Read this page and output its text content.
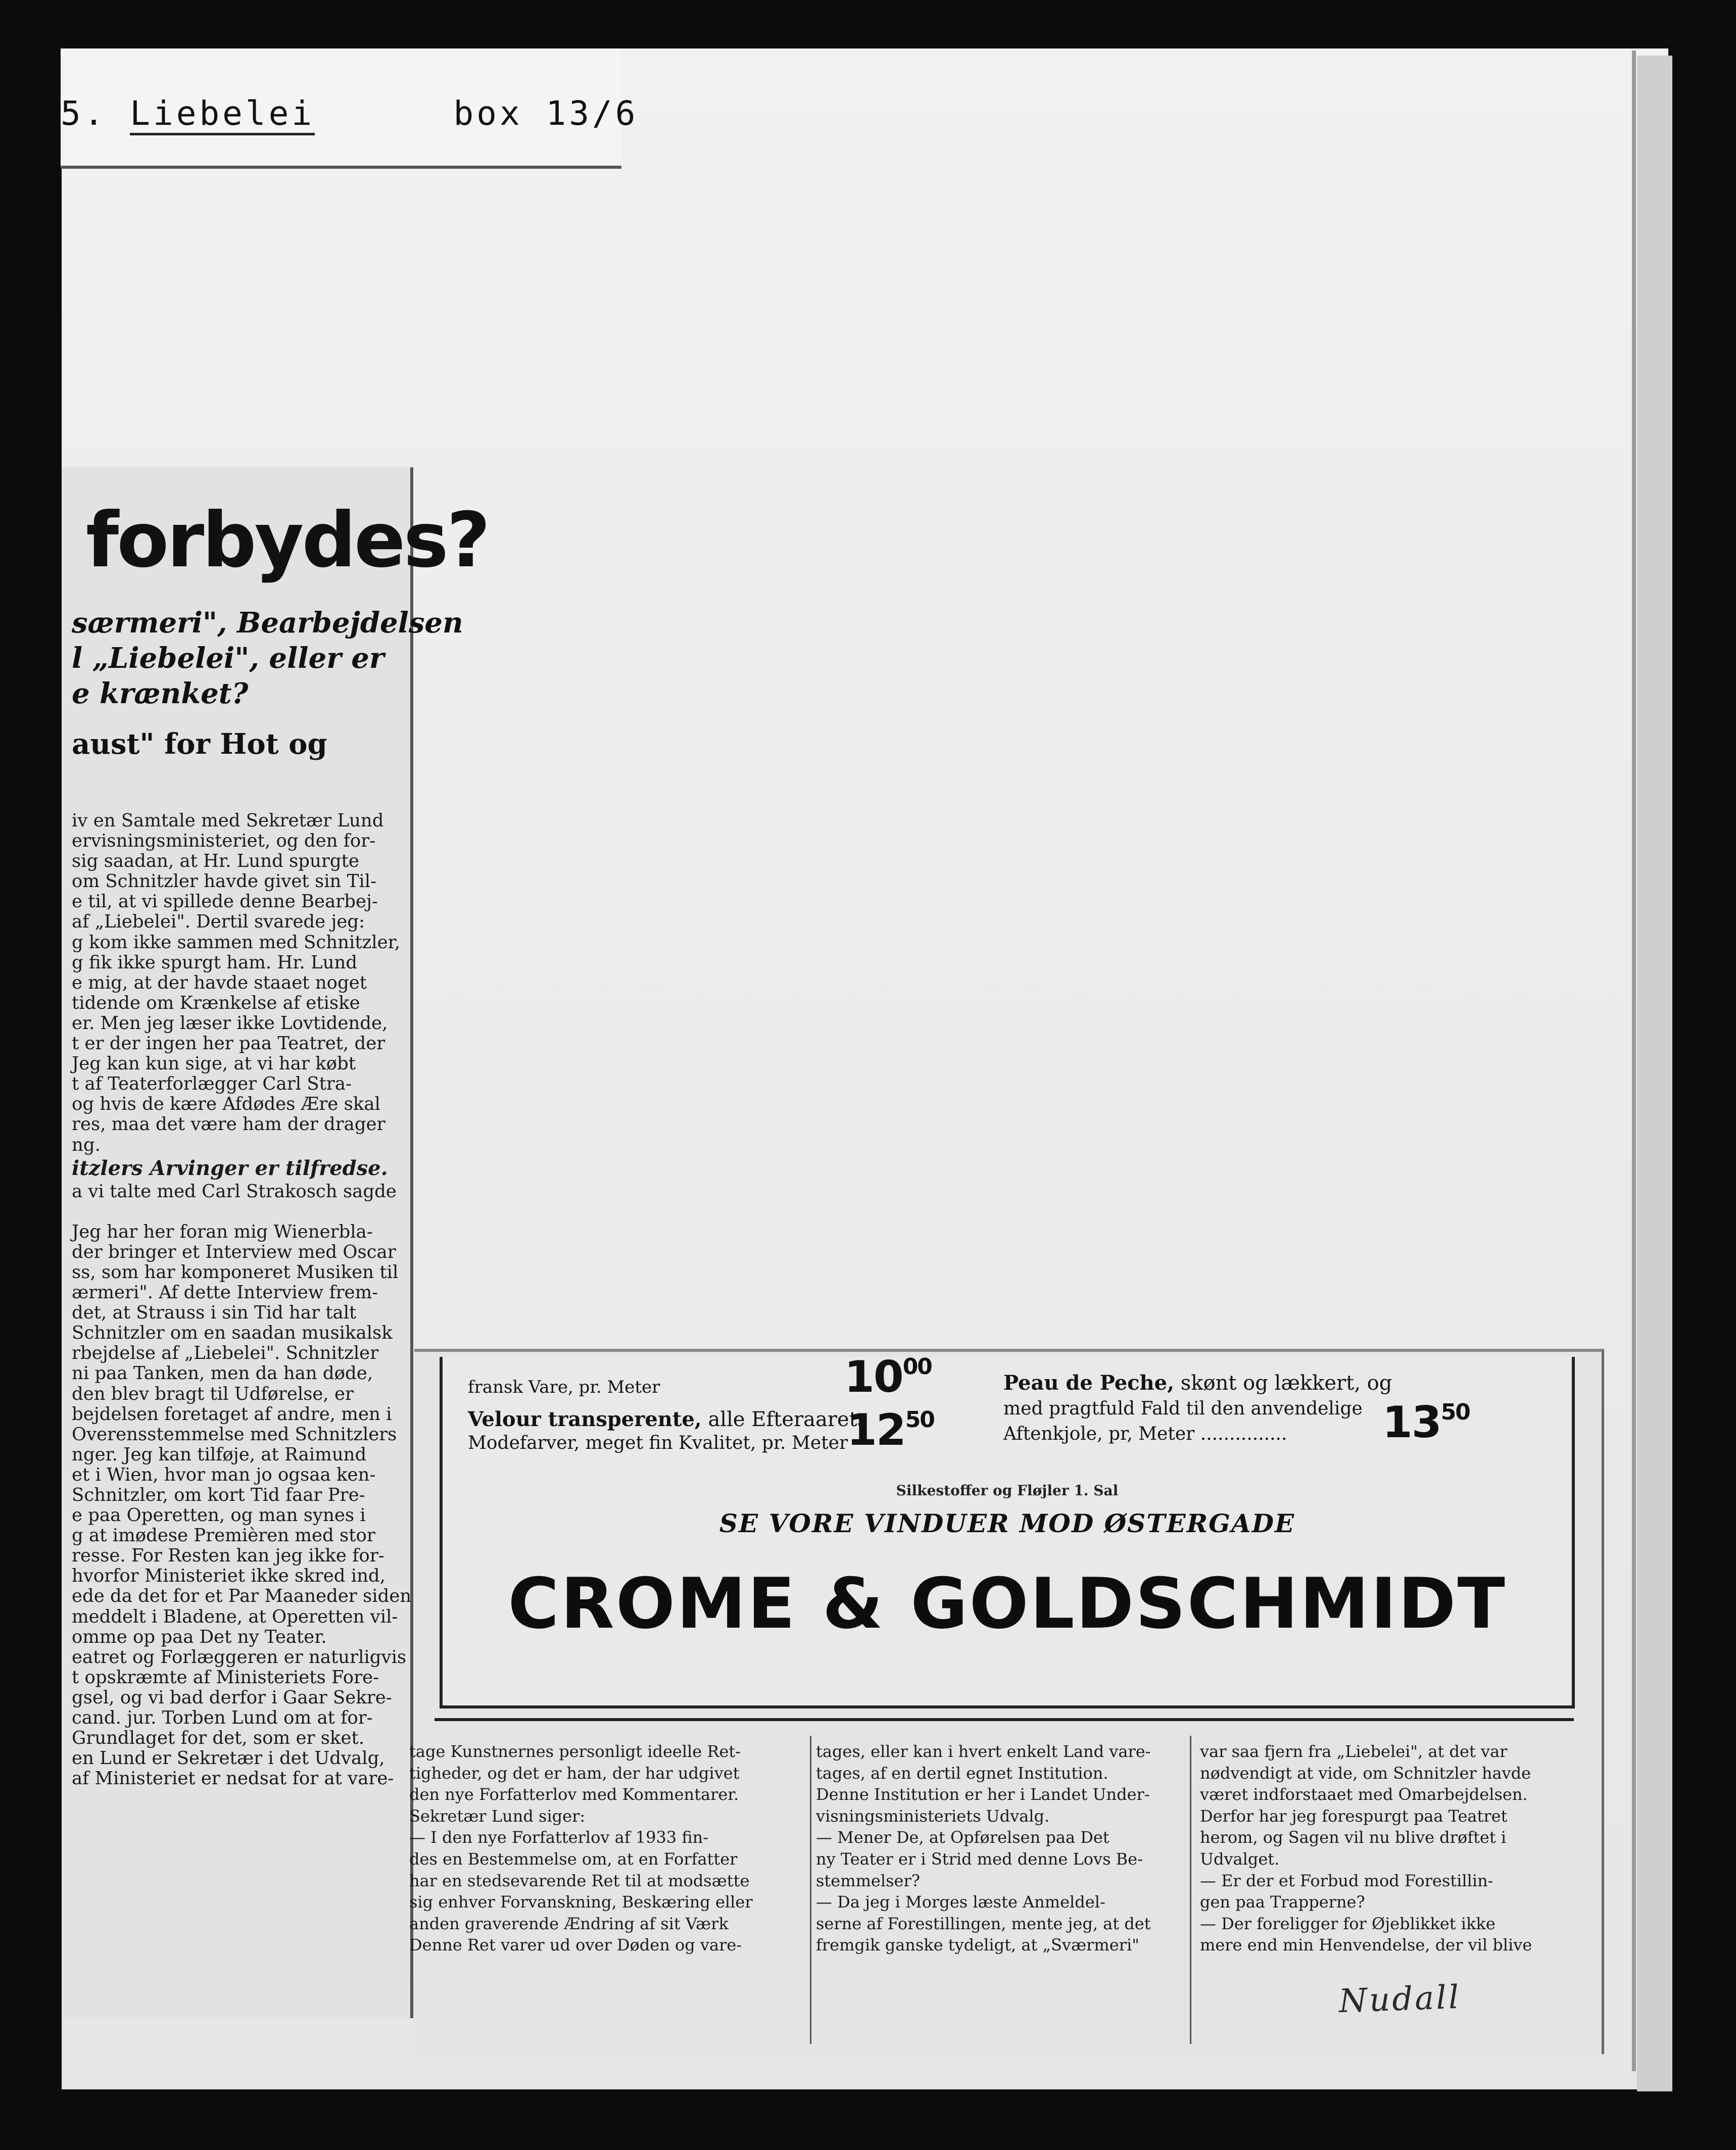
5. Liebelei	box 13/6
forbydes?
særmeri", Bearbejdelsen
l „Liebelei", eller er
e krænket?
aust" for Hot og
iv en Samtale med Sekretær Lund
ervisningsministeriet, og den for-
sig saadan, at Hr. Lund spurgte
om Schnitzler havde givet sin Til-
e til, at vi spillede denne Bearbej-
af „Liebelei". Dertil svarede jeg:
g kom ikke sammen med Schnitzler,
g fik ikke spurgt ham. Hr. Lund
e mig, at der havde staaet noget
tidende om Krænkelse af etiske
er. Men jeg læser ikke Lovtidende,
t er der ingen her paa Teatret, der
Jeg kan kun sige, at vi har købt
t af Teaterforlægger Carl Stra-
og hvis de kære Afdødes Ære skal
res, maa det være ham der drager
ng.
itzlers Arvinger er tilfredse.
a vi talte med Carl Strakosch sagde

Jeg har her foran mig Wienerbla-
der bringer et Interview med Oscar
ss, som har komponeret Musiken til
ærmeri". Af dette Interview frem-
det, at Strauss i sin Tid har talt
Schnitzler om en saadan musikalsk
rbejdelse af „Liebelei". Schnitzler
ni paa Tanken, men da han døde,
den blev bragt til Udførelse, er
bejdelsen foretaget af andre, men i
Overensstemmelse med Schnitzlers
nger. Jeg kan tilføje, at Raimund
et i Wien, hvor man jo ogsaa ken-
Schnitzler, om kort Tid faar Pre-
e paa Operetten, og man synes i
g at imødese Premièren med stor
resse. For Resten kan jeg ikke for-
hvorfor Ministeriet ikke skred ind,
ede da det for et Par Maaneder siden
meddelt i Bladene, at Operetten vil-
omme op paa Det ny Teater.
eatret og Forlæggeren er naturligvis
t opskræmte af Ministeriets Fore-
gsel, og vi bad derfor i Gaar Sekre-
cand. jur. Torben Lund om at for-
Grundlaget for det, som er sket.
en Lund er Sekretær i det Udvalg,
af Ministeriet er nedsat for at vare-
fransk Vare, pr. Meter	$10^{00}$
Velour transperente, alle Efteraarets
Modefarver, meget fin Kvalitet, pr. Meter
$12^{50}$
Peau de Peche, skønt og lækkert, og
med pragtfuld Fald til den anvendelige
Aftenkjole, pr, Meter ............... $13^{50}$
Silkestoffer og Fløjler 1. Sal
SE VORE VINDUER MOD ØSTERGADE
CROME & GOLDSCHMIDT
tage Kunstnernes personligt ideelle Ret-
tigheder, og det er ham, der har udgivet
den nye Forfatterlov med Kommentarer.
Sekretær Lund siger:
— I den nye Forfatterlov af 1933 fin-
des en Bestemmelse om, at en Forfatter
har en stedsevarende Ret til at modsætte
sig enhver Forvanskning, Beskæring eller
anden graverende Ændring af sit Værk
Denne Ret varer ud over Døden og vare-
tages, eller kan i hvert enkelt Land vare-
tages, af en dertil egnet Institution.
Denne Institution er her i Landet Under-
visningsministeriets Udvalg.
— Mener De, at Opførelsen paa Det
ny Teater er i Strid med denne Lovs Be-
stemmelser?
— Da jeg i Morges læste Anmeldel-
serne af Forestillingen, mente jeg, at det
fremgik ganske tydeligt, at „Sværmeri"
var saa fjern fra „Liebelei", at det var
nødvendigt at vide, om Schnitzler havde
været indforstaaet med Omarbejdelsen.
Derfor har jeg forespurgt paa Teatret
herom, og Sagen vil nu blive drøftet i
Udvalget.
— Er der et Forbud mod Forestillin-
gen paa Trapperne?
— Der foreligger for Øjeblikket ikke
mere end min Henvendelse, der vil blive
Nudall
